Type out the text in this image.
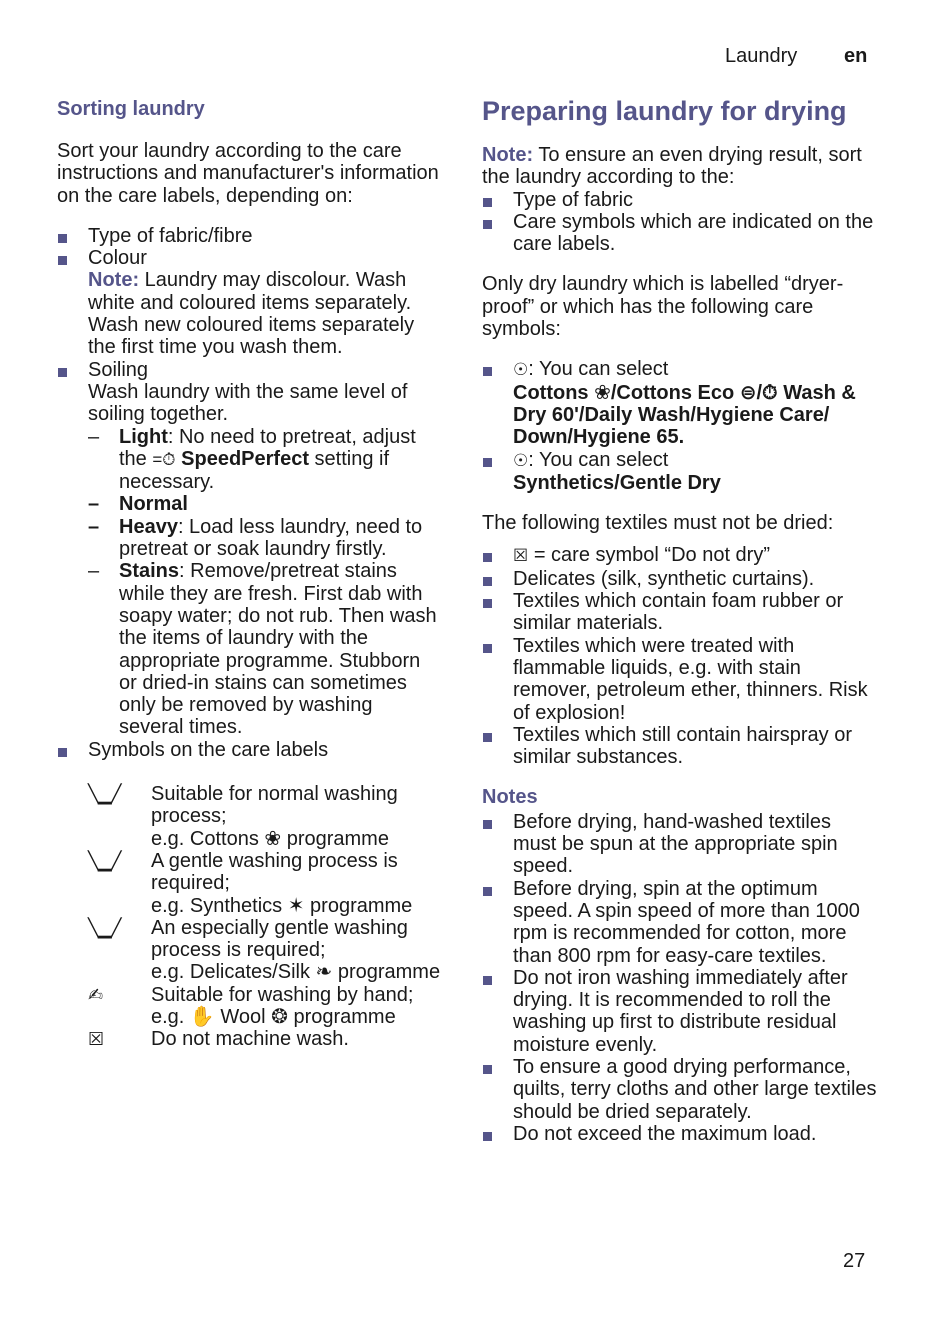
Laundry en
Sorting laundry

Sort your laundry according to the care instructions and manufacturer's information on the care labels, depending on:

Type of fabric/fibre
Colour
Note: Laundry may discolour. Wash white and coloured items separately. Wash new coloured items separately the first time you wash them.
Soiling
Wash laundry with the same level of soiling together.
– Light: No need to pretreat, adjust the =⏱ SpeedPerfect setting if necessary.
– Normal
– Heavy: Load less laundry, need to pretreat or soak laundry firstly.
– Stains: Remove/pretreat stains while they are fresh. First dab with soapy water; do not rub. Then wash the items of laundry with the appropriate programme. Stubborn or dried-in stains can sometimes only be removed by washing several times.
Symbols on the care labels
╲▁╱	Suitable for normal washing process;
e.g. Cottons ❀ programme
╲▁╱	A gentle washing process is required;
e.g. Synthetics ✶ programme
╲▁╱	An especially gentle washing process is required;
e.g. Delicates/Silk ❧ programme
✍	Suitable for washing by hand;
e.g. ✋ Wool ❂ programme
☒	Do not machine wash.
Preparing laundry for drying

Note: To ensure an even drying result, sort the laundry according to the:

Type of fabric
Care symbols which are indicated on the care labels.

Only dry laundry which is labelled “dryer-proof” or which has the following care symbols:

☉: You can select
Cottons ❀/Cottons Eco ⊜/⏱ Wash & Dry 60'/Daily Wash/Hygiene Care/ Down/Hygiene 65.
☉: You can select
Synthetics/Gentle Dry

The following textiles must not be dried:

☒ = care symbol “Do not dry”
Delicates (silk, synthetic curtains).
Textiles which contain foam rubber or similar materials.
Textiles which were treated with flammable liquids, e.g. with stain remover, petroleum ether, thinners. Risk of explosion!
Textiles which still contain hairspray or similar substances.
Notes
Before drying, hand-washed textiles must be spun at the appropriate spin speed.
Before drying, spin at the optimum speed. A spin speed of more than 1000 rpm is recommended for cotton, more than 800 rpm for easy-care textiles.
Do not iron washing immediately after drying. It is recommended to roll the washing up first to distribute residual moisture evenly.
To ensure a good drying performance, quilts, terry cloths and other large textiles should be dried separately.
Do not exceed the maximum load.
27
